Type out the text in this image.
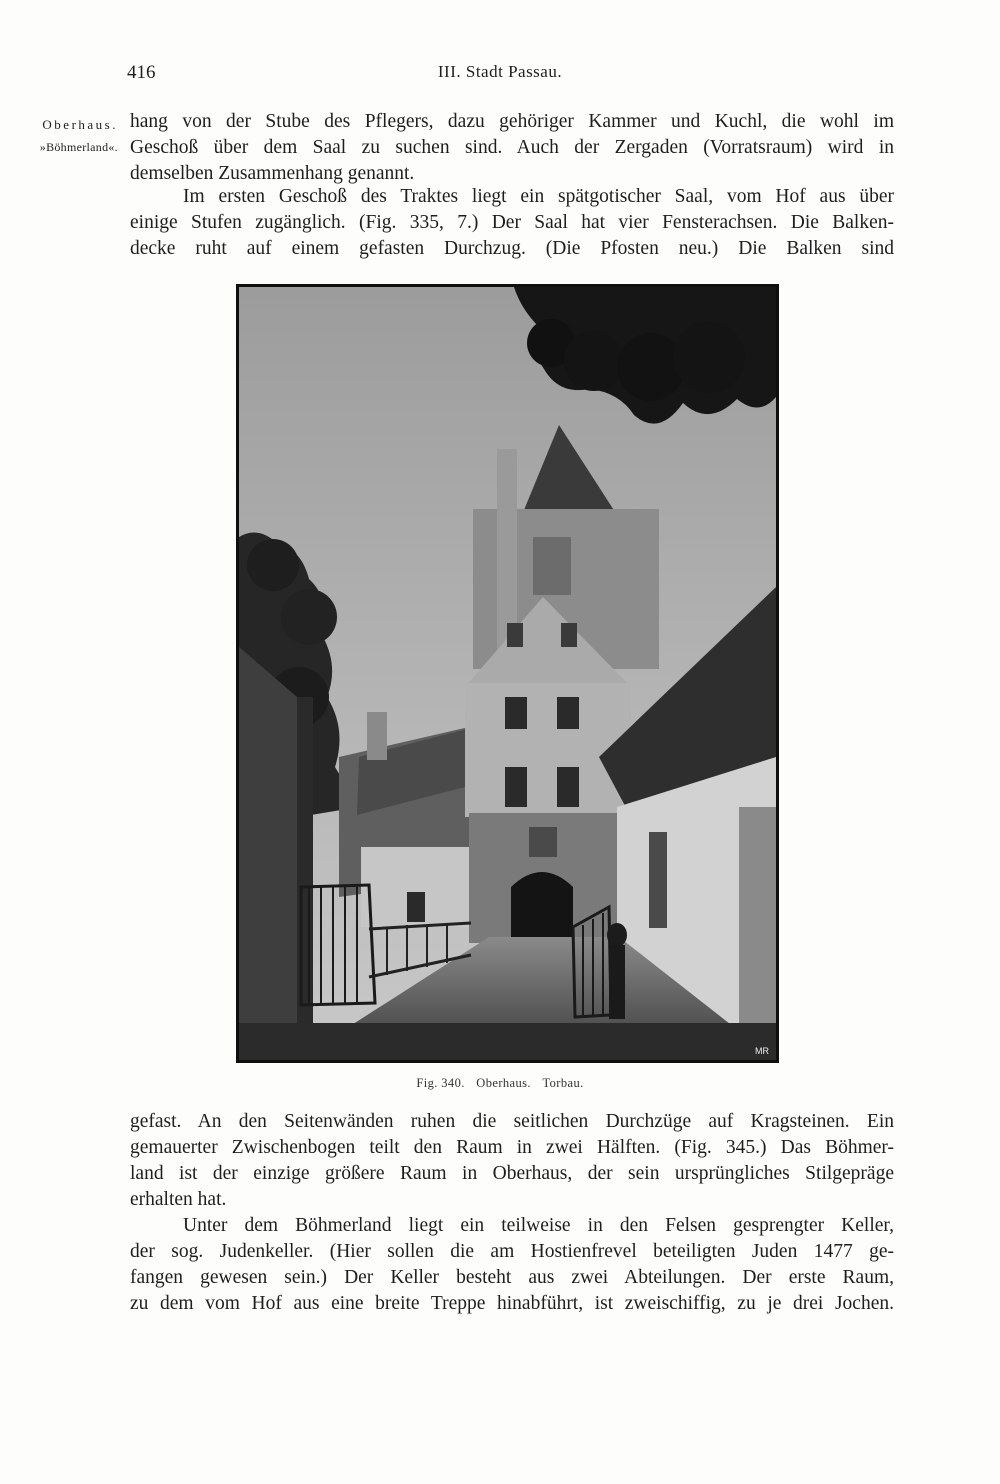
416	III. Stadt Passau.
Oberhaus.
»Böhmerland«.

hang von der Stube des Pflegers, dazu gehöriger Kammer und Kuchl, die wohl im

Geschoß über dem Saal zu suchen sind. Auch der Zergaden (Vorratsraum) wird in

demselben Zusammenhang genannt.

Im ersten Geschoß des Traktes liegt ein spätgotischer Saal, vom Hof aus über

einige Stufen zugänglich. (Fig. 335, 7.) Der Saal hat vier Fensterachsen. Die Balken-

decke ruht auf einem gefasten Durchzug. (Die Pfosten neu.) Die Balken sind

MR
Fig. 340. Oberhaus. Torbau.

gefast. An den Seitenwänden ruhen die seitlichen Durchzüge auf Kragsteinen. Ein

gemauerter Zwischenbogen teilt den Raum in zwei Hälften. (Fig. 345.) Das Böhmer-

land ist der einzige größere Raum in Oberhaus, der sein ursprüngliches Stilgepräge

erhalten hat.

Unter dem Böhmerland liegt ein teilweise in den Felsen gesprengter Keller,

der sog. Judenkeller. (Hier sollen die am Hostienfrevel beteiligten Juden 1477 ge-

fangen gewesen sein.) Der Keller besteht aus zwei Abteilungen. Der erste Raum,

zu dem vom Hof aus eine breite Treppe hinabführt, ist zweischiffig, zu je drei Jochen.
